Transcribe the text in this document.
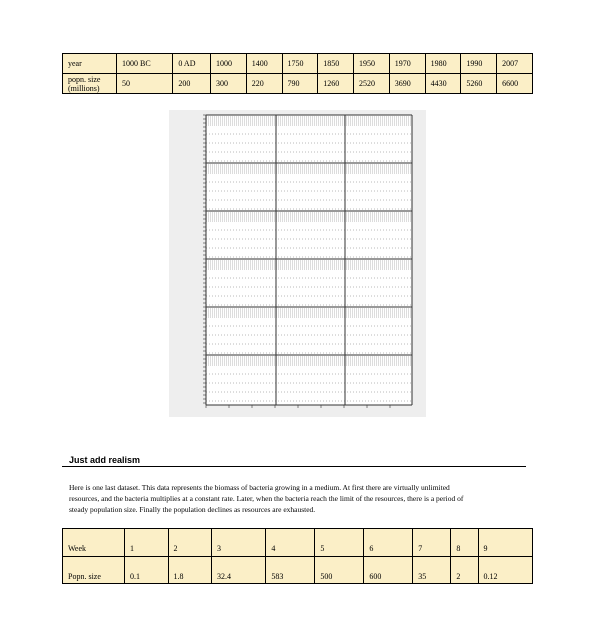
year	1000 BC	0 AD	1000	1400	1750	1850	1950	1970	1980	1990	2007
popn. size (millions)	50	200	300	220	790	1260	2520	3690	4430	5260	6600
Just add realism

Here is one last dataset. This data represents the biomass of bacteria growing in a medium. At first there are virtually unlimited

resources, and the bacteria multiplies at a constant rate. Later, when the bacteria reach the limit of the resources, there is a period of

steady population size. Finally the population declines as resources are exhausted.

Week	1	2	3	4	5	6	7	8	9
Popn. size	0.1	1.8	32.4	583	500	600	35	2	0.12
